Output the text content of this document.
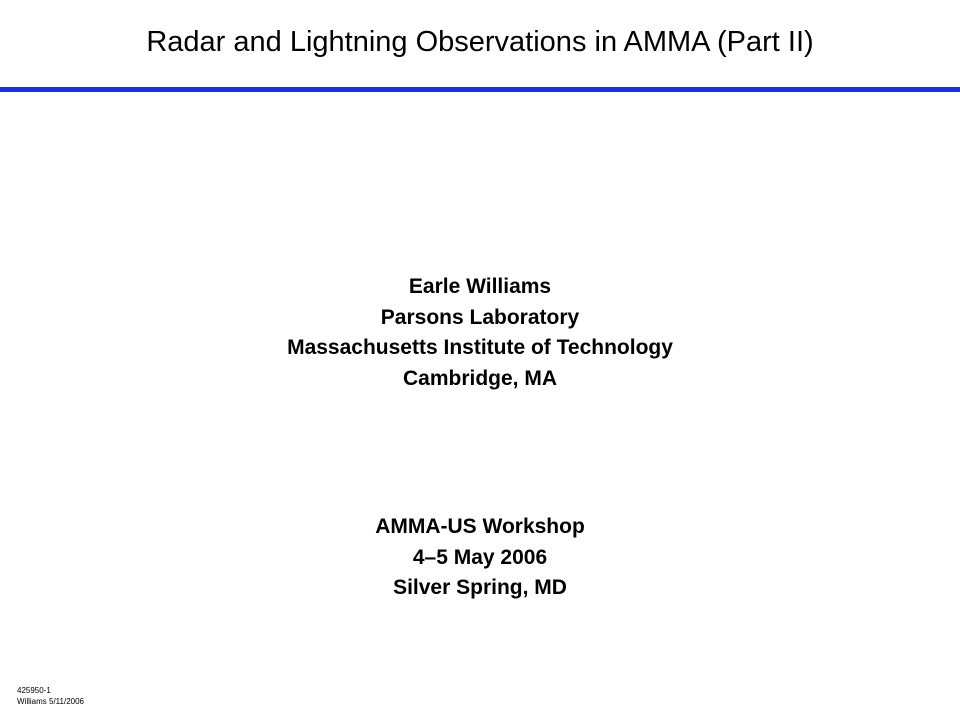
Radar and Lightning Observations in AMMA (Part II)
Earle Williams
Parsons Laboratory
Massachusetts Institute of Technology
Cambridge, MA
AMMA-US Workshop
4–5 May 2006
Silver Spring, MD
425950-1
Williams 5/11/2006
